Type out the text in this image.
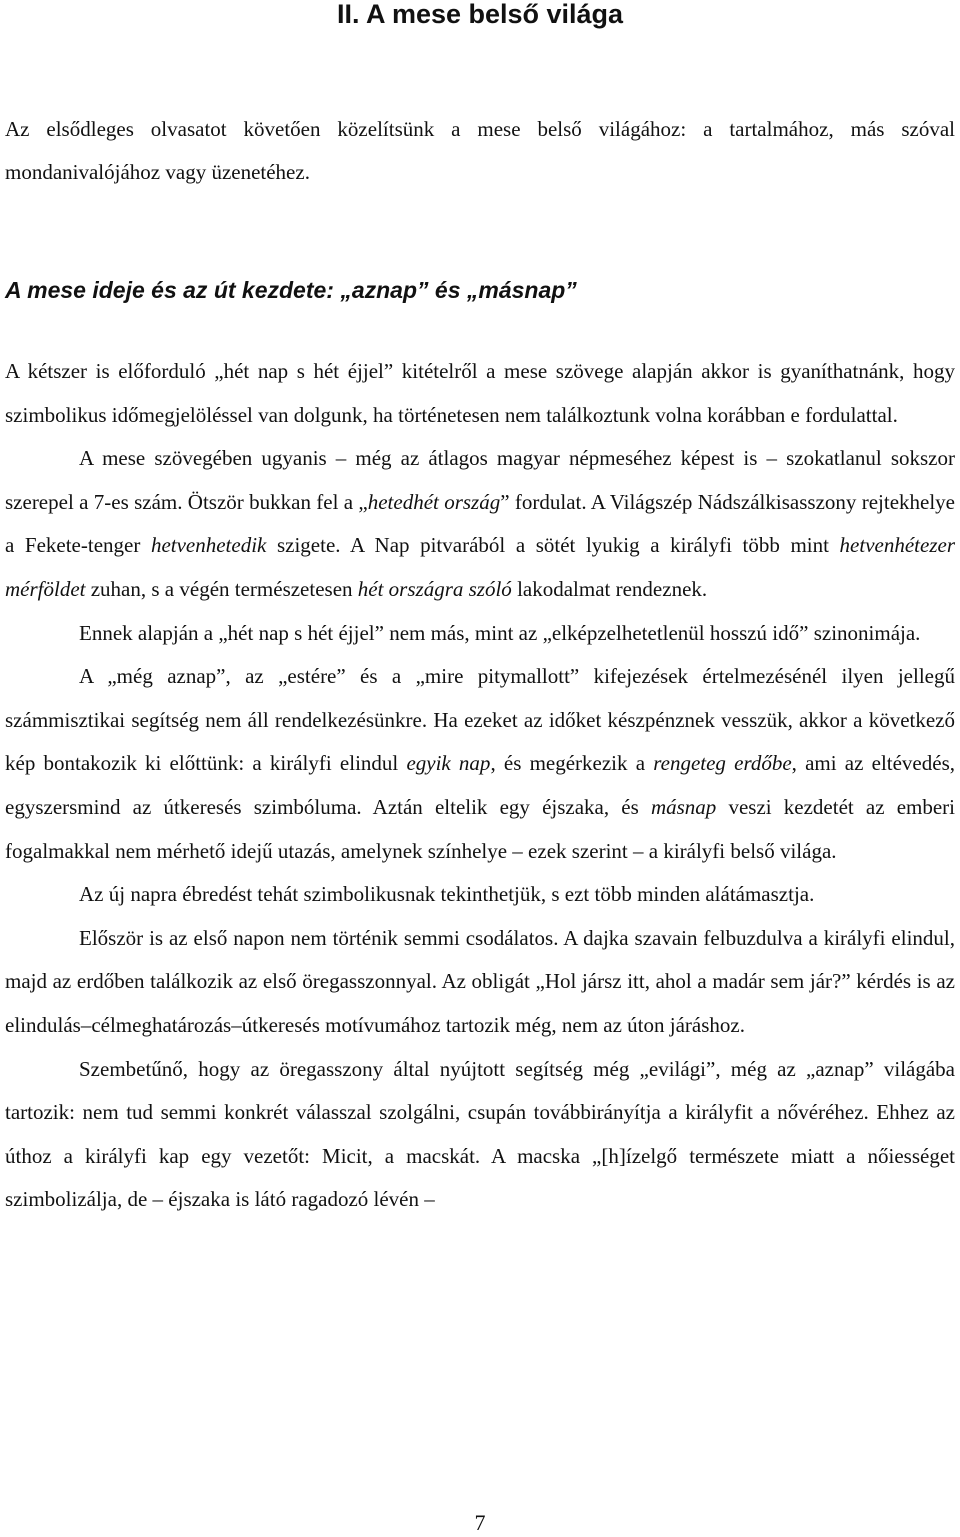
II. A mese belső világa

Az elsődleges olvasatot követően közelítsünk a mese belső világához: a tartalmához, más szóval mondanivalójához vagy üzenetéhez.

A mese ideje és az út kezdete: „aznap” és „másnap”

A kétszer is előforduló „hét nap s hét éjjel” kitételről a mese szövege alapján akkor is gyaníthatnánk, hogy szimbolikus időmegjelöléssel van dolgunk, ha történetesen nem találkoztunk volna korábban e fordulattal.

A mese szövegében ugyanis – még az átlagos magyar népmeséhez képest is – szokatlanul sokszor szerepel a 7-es szám. Ötször bukkan fel a „hetedhét ország” fordulat. A Világszép Nádszálkisasszony rejtekhelye a Fekete-tenger hetvenhetedik szigete. A Nap pitvarából a sötét lyukig a királyfi több mint hetvenhétezer mérföldet zuhan, s a végén természetesen hét országra szóló lakodalmat rendeznek.

Ennek alapján a „hét nap s hét éjjel” nem más, mint az „elképzelhetetlenül hosszú idő” szinonimája.

A „még aznap”, az „estére” és a „mire pitymallott” kifejezések értelmezésénél ilyen jellegű számmisztikai segítség nem áll rendelkezésünkre. Ha ezeket az időket készpénznek vesszük, akkor a következő kép bontakozik ki előttünk: a királyfi elindul egyik nap, és megérkezik a rengeteg erdőbe, ami az eltévedés, egyszersmind az útkeresés szimbóluma. Aztán eltelik egy éjszaka, és másnap veszi kezdetét az emberi fogalmakkal nem mérhető idejű utazás, amelynek színhelye – ezek szerint – a királyfi belső világa.

Az új napra ébredést tehát szimbolikusnak tekinthetjük, s ezt több minden alátámasztja.

Először is az első napon nem történik semmi csodálatos. A dajka szavain felbuzdulva a királyfi elindul, majd az erdőben találkozik az első öregasszonnyal. Az obligát „Hol jársz itt, ahol a madár sem jár?” kérdés is az elindulás–célmeghatározás–útkeresés motívumához tartozik még, nem az úton járáshoz.

Szembetűnő, hogy az öregasszony által nyújtott segítség még „evilági”, még az „aznap” világába tartozik: nem tud semmi konkrét válasszal szolgálni, csupán továbbirányítja a királyfit a nővéréhez. Ehhez az úthoz a királyfi kap egy vezetőt: Micit, a macskát. A macska „[h]ízelgő természete miatt a nőiességet szimbolizálja, de – éjszaka is látó ragadozó lévén –

7
